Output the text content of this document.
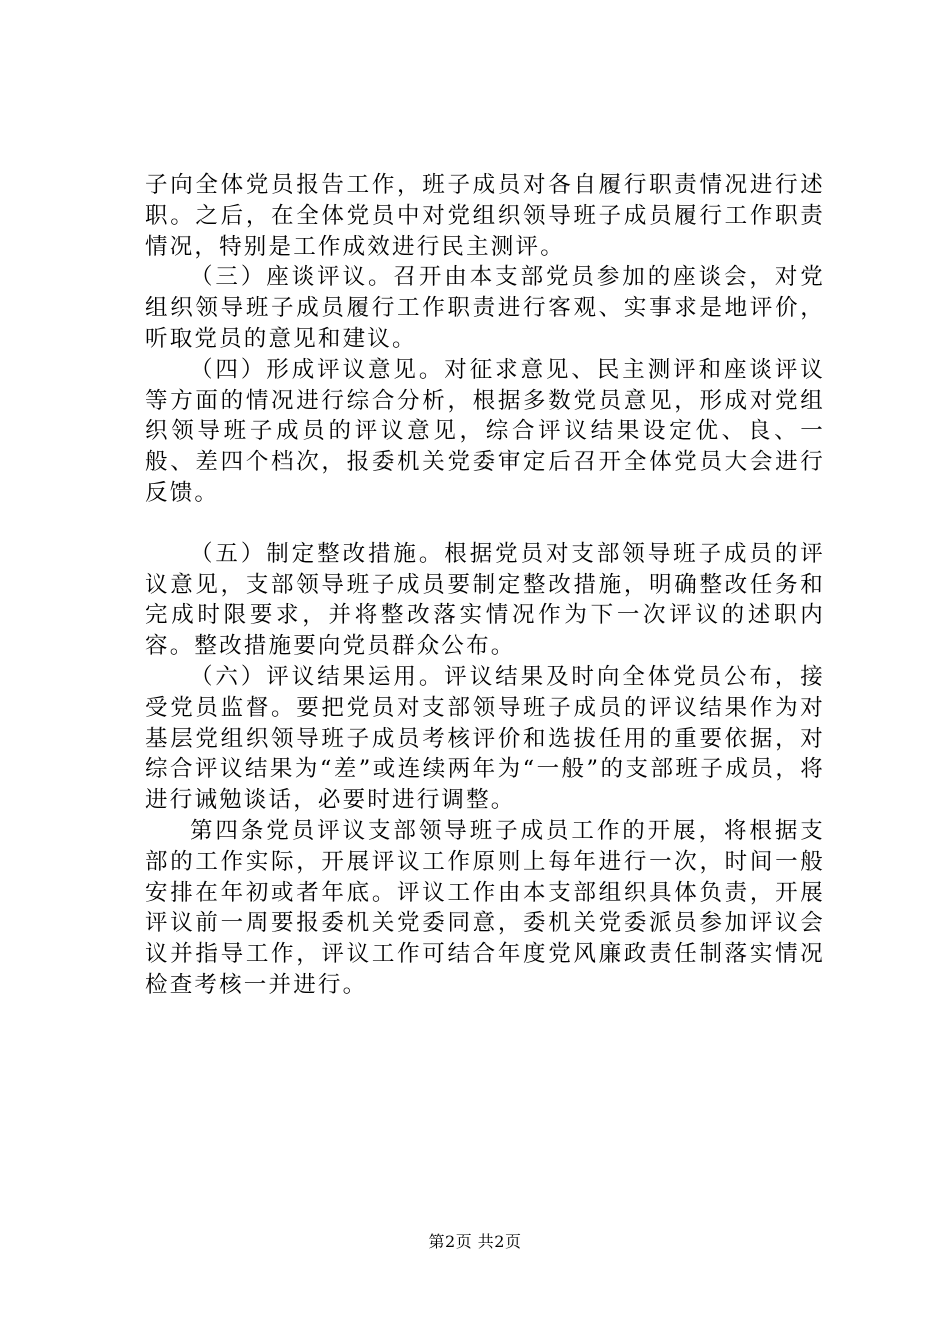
子向全体党员报告工作，班子成员对各自履行职责情况进行述职。之后，在全体党员中对党组织领导班子成员履行工作职责情况，特别是工作成效进行民主测评。

（三）座谈评议。召开由本支部党员参加的座谈会，对党组织领导班子成员履行工作职责进行客观、实事求是地评价，听取党员的意见和建议。

（四）形成评议意见。对征求意见、民主测评和座谈评议等方面的情况进行综合分析，根据多数党员意见，形成对党组织领导班子成员的评议意见，综合评议结果设定优、良、一般、差四个档次，报委机关党委审定后召开全体党员大会进行反馈。

（五）制定整改措施。根据党员对支部领导班子成员的评议意见，支部领导班子成员要制定整改措施，明确整改任务和完成时限要求，并将整改落实情况作为下一次评议的述职内容。整改措施要向党员群众公布。

（六）评议结果运用。评议结果及时向全体党员公布，接受党员监督。要把党员对支部领导班子成员的评议结果作为对基层党组织领导班子成员考核评价和选拔任用的重要依据，对综合评议结果为“差”或连续两年为“一般”的支部班子成员，将进行诫勉谈话，必要时进行调整。

第四条党员评议支部领导班子成员工作的开展，将根据支部的工作实际，开展评议工作原则上每年进行一次，时间一般安排在年初或者年底。评议工作由本支部组织具体负责，开展评议前一周要报委机关党委同意，委机关党委派员参加评议会议并指导工作，评议工作可结合年度党风廉政责任制落实情况检查考核一并进行。

第2页 共2页
